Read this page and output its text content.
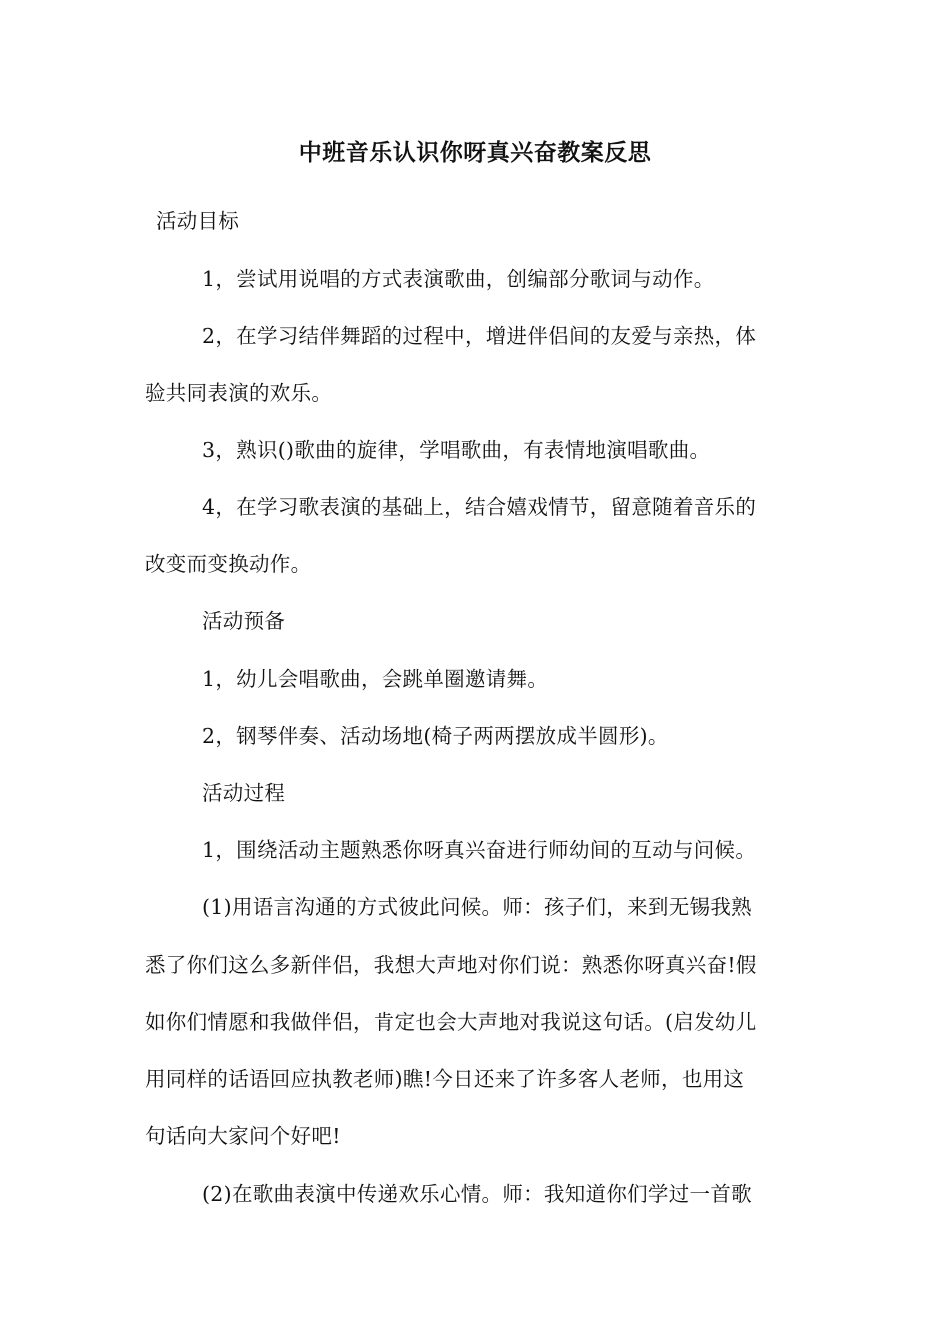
中班音乐认识你呀真兴奋教案反思
活动目标
1，尝试用说唱的方式表演歌曲，创编部分歌词与动作。
2，在学习结伴舞蹈的过程中，增进伴侣间的友爱与亲热，体
验共同表演的欢乐。
3，熟识()歌曲的旋律，学唱歌曲，有表情地演唱歌曲。
4，在学习歌表演的基础上，结合嬉戏情节，留意随着音乐的
改变而变换动作。
活动预备
1，幼儿会唱歌曲，会跳单圈邀请舞。
2，钢琴伴奏、活动场地(椅子两两摆放成半圆形)。
活动过程
1，围绕活动主题熟悉你呀真兴奋进行师幼间的互动与问候。
(1)用语言沟通的方式彼此问候。师：孩子们，来到无锡我熟
悉了你们这么多新伴侣，我想大声地对你们说：熟悉你呀真兴奋!假
如你们情愿和我做伴侣，肯定也会大声地对我说这句话。(启发幼儿
用同样的话语回应执教老师)瞧!今日还来了许多客人老师，也用这
句话向大家问个好吧!
(2)在歌曲表演中传递欢乐心情。师：我知道你们学过一首歌
